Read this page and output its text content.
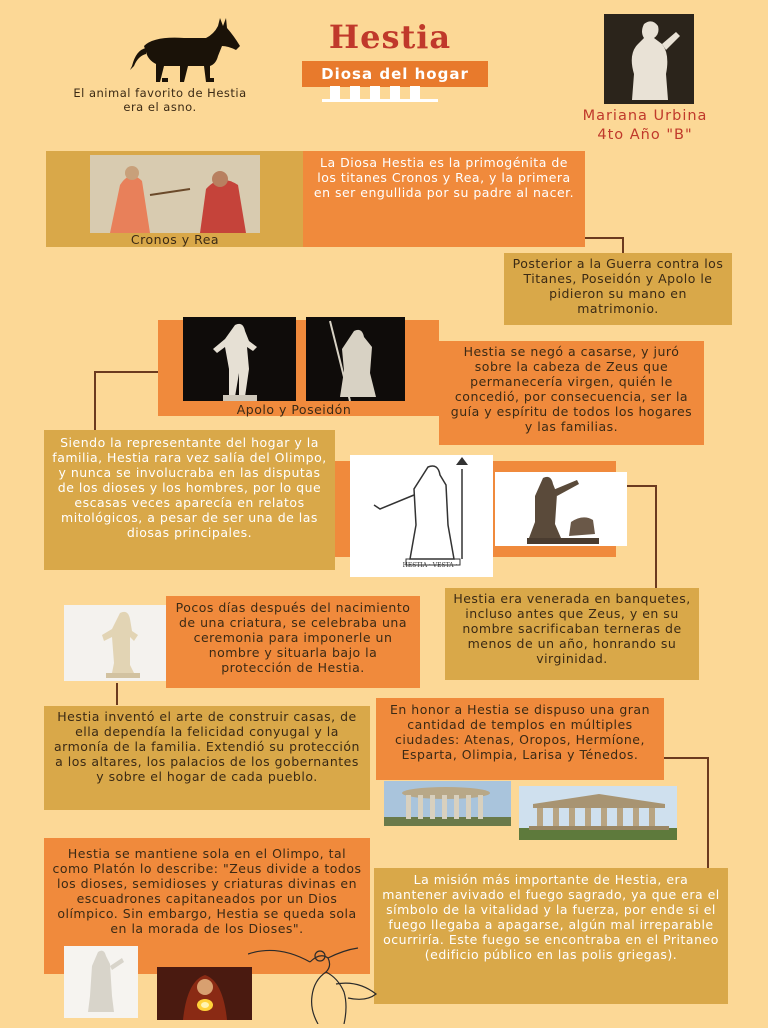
El animal favorito de Hestia era el asno.
Hestia
Diosa del hogar
Mariana Urbina
4to Año "B"
Cronos y Rea
La Diosa Hestia es la primogénita de los titanes Cronos y Rea, y la primera en ser engullida por su padre al nacer.
Posterior a la Guerra contra los Titanes, Poseidón y Apolo le pidieron su mano en matrimonio.
Apolo y Poseidón
Hestia se negó a casarse, y juró sobre la cabeza de Zeus que permanecería virgen, quién le concedió, por consecuencia, ser la guía y espíritu de todos los hogares y las familias.
Siendo la representante del hogar y la familia, Hestia rara vez salía del Olimpo, y nunca se involucraba en las disputas de los dioses y los hombres, por lo que escasas veces aparecía en relatos mitológicos, a pesar de ser una de las diosas principales.
HESTIA · VESTA ·
Pocos días después del nacimiento de una criatura, se celebraba una ceremonia para imponerle un nombre y situarla bajo la protección de Hestia.
Hestia era venerada en banquetes, incluso antes que Zeus, y en su nombre sacrificaban terneras de menos de un año, honrando su virginidad.
Hestia inventó el arte de construir casas, de ella dependía la felicidad conyugal y la armonía de la familia. Extendió su protección a los altares, los palacios de los gobernantes y sobre el hogar de cada pueblo.
En honor a Hestia se dispuso una gran cantidad de templos en múltiples ciudades: Atenas, Oropos, Hermíone, Esparta, Olimpia, Larisa y Ténedos.
Hestia se mantiene sola en el Olimpo, tal como Platón lo describe: "Zeus divide a todos los dioses, semidioses y criaturas divinas en escuadrones capitaneados por un Dios olímpico. Sin embargo, Hestia se queda sola en la morada de los Dioses".
La misión más importante de Hestia, era mantener avivado el fuego sagrado, ya que era el símbolo de la vitalidad y la fuerza, por ende si el fuego llegaba a apagarse, algún mal irreparable ocurriría. Este fuego se encontraba en el Pritaneo (edificio público en las polis griegas).
